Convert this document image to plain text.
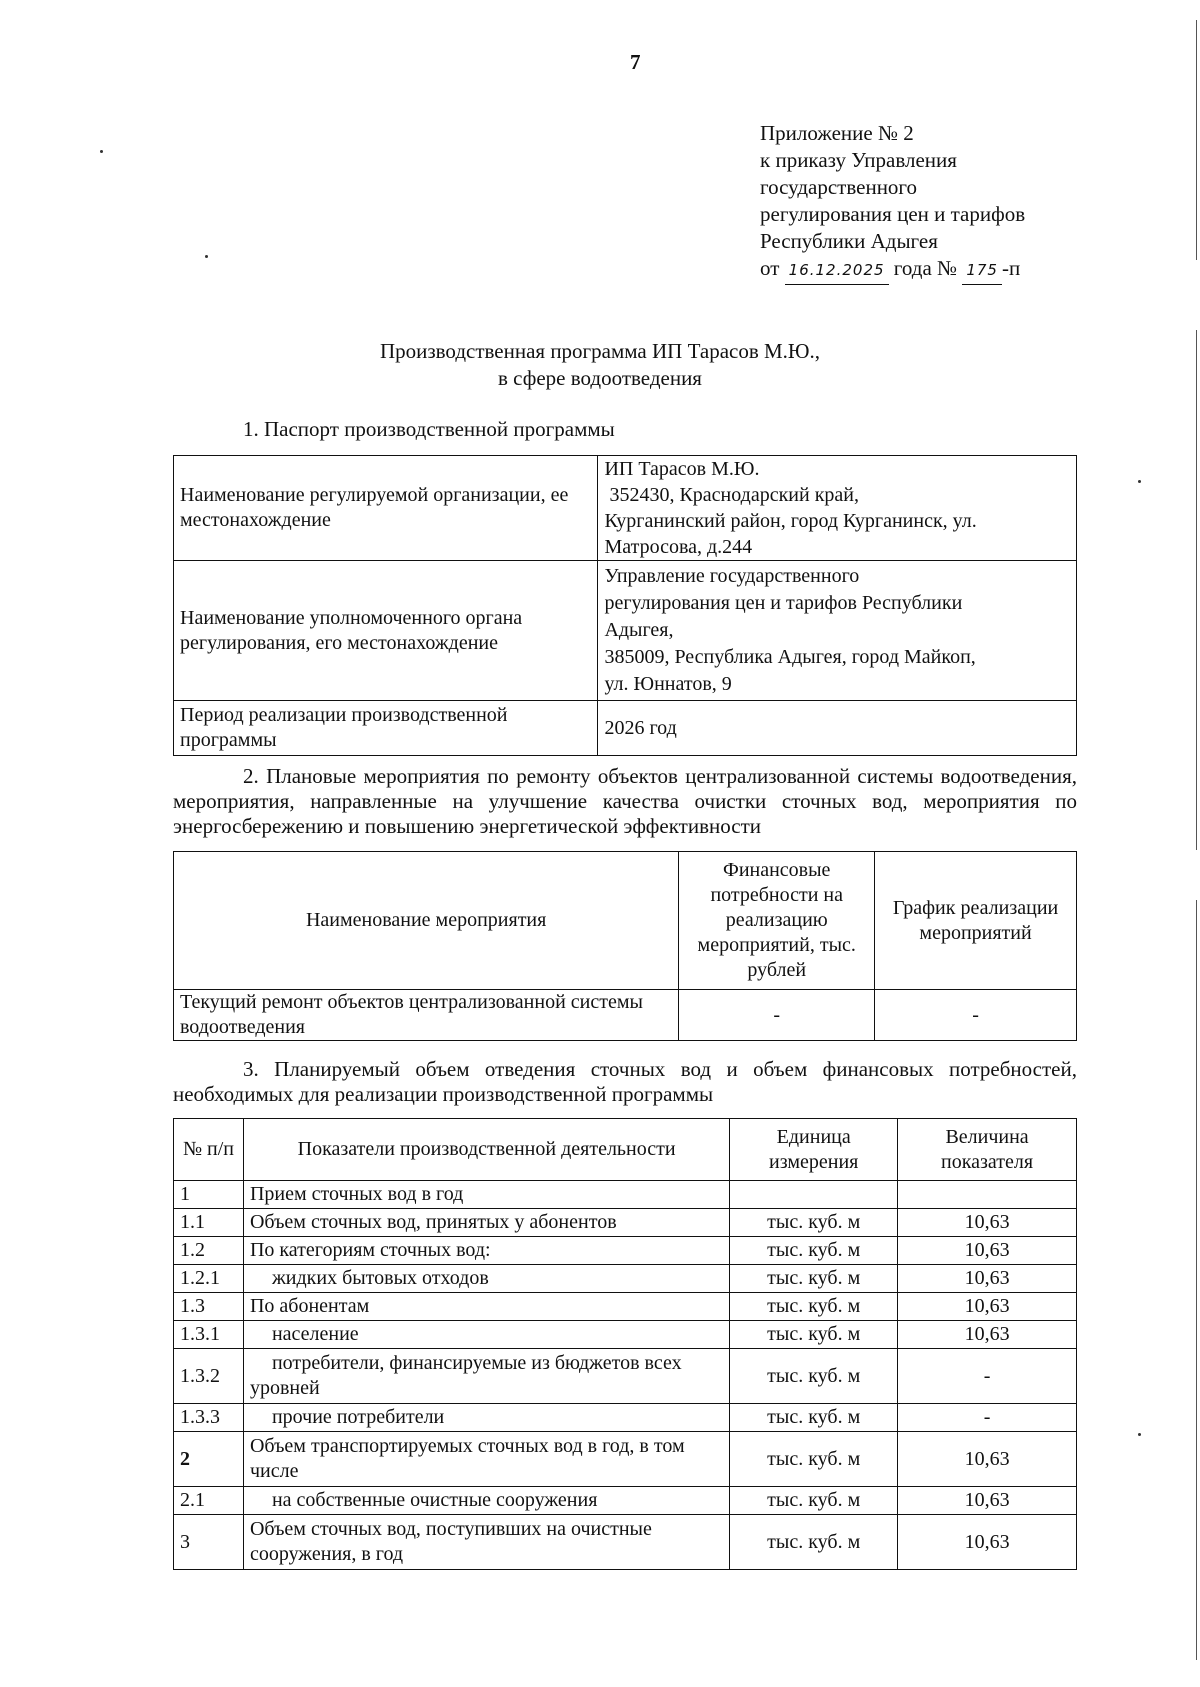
7
Приложение № 2
к приказу Управления
государственного
регулирования цен и тарифов
Республики Адыгея
от 16.12.2025 года № 175 -п
Производственная программа ИП Тарасов М.Ю.,
в сфере водоотведения
1. Паспорт производственной программы
Наименование регулируемой организации, ее местонахождение	ИП Тарасов М.Ю.
352430, Краснодарский край,
Курганинский район, город Курганинск, ул.
Матросова, д.244

Наименование уполномоченного органа регулирования, его местонахождение	Управление государственного
регулирования цен и тарифов Республики
Адыгея,
385009, Республика Адыгея, город Майкоп,
ул. Юннатов, 9

Период реализации производственной программы	2026 год
2. Плановые мероприятия по ремонту объектов централизованной системы водоотведения, мероприятия, направленные на улучшение качества очистки сточных вод, мероприятия по энергосбережению и повышению энергетической эффективности
Наименование мероприятия	Финансовые потребности на реализацию мероприятий, тыс. рублей	График реализации мероприятий
Текущий ремонт объектов централизованной системы водоотведения	-	-
3. Планируемый объем отведения сточных вод и объем финансовых потребностей, необходимых для реализации производственной программы
№ п/п	Показатели производственной деятельности	Единица измерения	Величина показателя
1	Прием сточных вод в год		
1.1	Объем сточных вод, принятых у абонентов	тыс. куб. м	10,63
1.2	По категориям сточных вод:	тыс. куб. м	10,63
1.2.1	жидких бытовых отходов	тыс. куб. м	10,63
1.3	По абонентам	тыс. куб. м	10,63
1.3.1	население	тыс. куб. м	10,63
1.3.2	потребители, финансируемые из бюджетов всех уровней	тыс. куб. м	-
1.3.3	прочие потребители	тыс. куб. м	-
2	Объем транспортируемых сточных вод в год, в том числе	тыс. куб. м	10,63
2.1	на собственные очистные сооружения	тыс. куб. м	10,63
3	Объем сточных вод, поступивших на очистные сооружения, в год	тыс. куб. м	10,63
